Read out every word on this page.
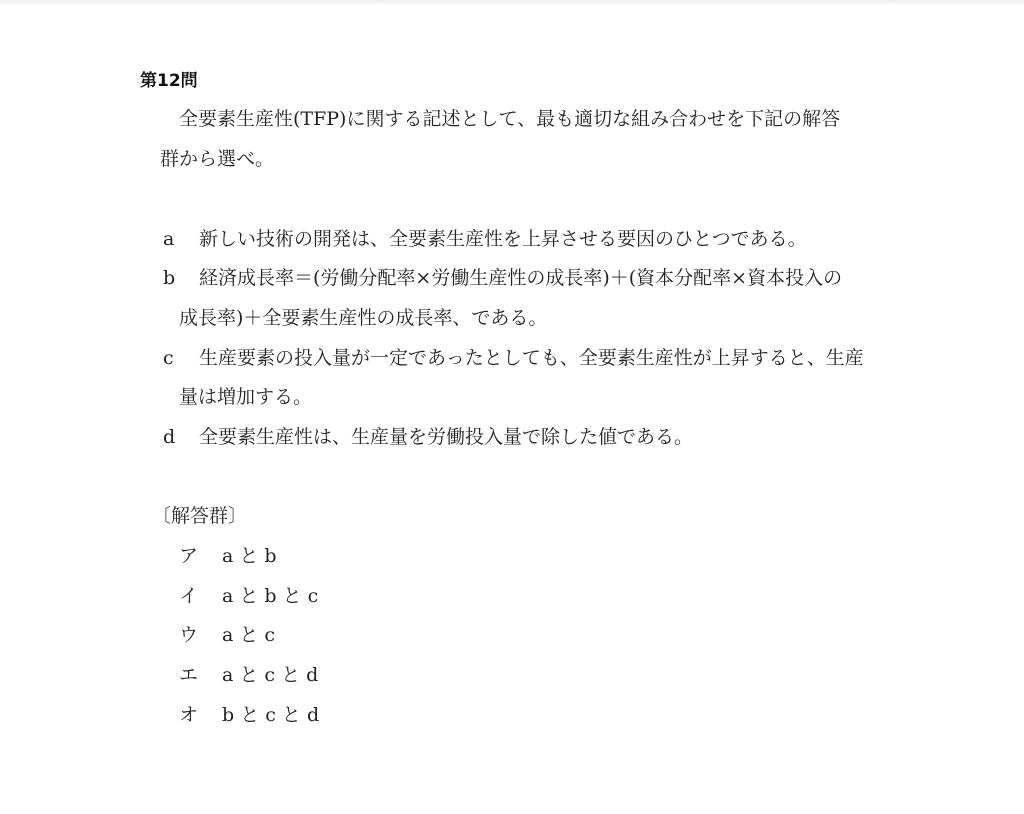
第12問
全要素生産性(TFP)に関する記述として、最も適切な組み合わせを下記の解答
群から選べ。
a 新しい技術の開発は、全要素生産性を上昇させる要因のひとつである。
b 経済成長率＝(労働分配率×労働生産性の成長率)＋(資本分配率×資本投入の
成長率)＋全要素生産性の成長率、である。
c 生産要素の投入量が一定であったとしても、全要素生産性が上昇すると、生産
量は増加する。
d 全要素生産性は、生産量を労働投入量で除した値である。
〔解答群〕
ア a と b
イ a と b と c
ウ a と c
エ a と c と d
オ b と c と d
